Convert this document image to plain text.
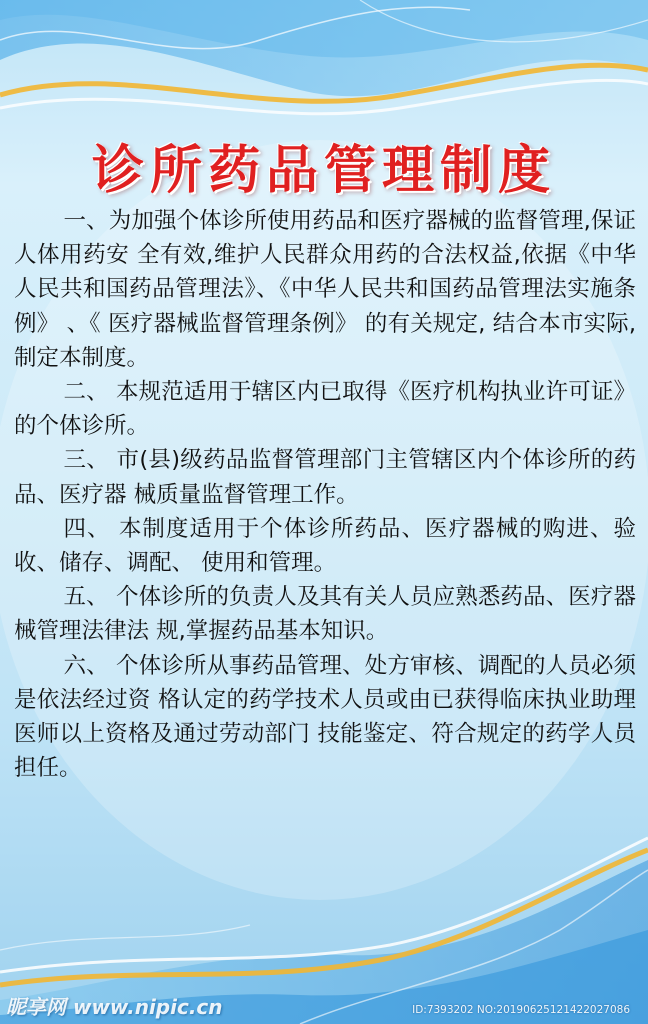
诊所药品管理制度

一、为加强个体诊所使用药品和医疗器械的监督管理,保证人体用药安 全有效,维护人民群众用药的合法权益,依据《中华人民共和国药品管理法》、《中华人民共和国药品管理法实施条例》 、《 医疗器械监督管理条例》 的有关规定, 结合本市实际,制定本制度。

二、 本规范适用于辖区内已取得《医疗机构执业许可证》的个体诊所。

三、 市(县)级药品监督管理部门主管辖区内个体诊所的药品、医疗器 械质量监督管理工作。

四、 本制度适用于个体诊所药品、医疗器械的购进、验收、储存、调配、 使用和管理。

五、 个体诊所的负责人及其有关人员应熟悉药品、医疗器械管理法律法 规,掌握药品基本知识。

六、 个体诊所从事药品管理、处方审核、调配的人员必须是依法经过资 格认定的药学技术人员或由已获得临床执业助理医师以上资格及通过劳动部门 技能鉴定、符合规定的药学人员担任。

昵享网 www.nipic.cn	ID:7393202 NO:20190625121422027086
